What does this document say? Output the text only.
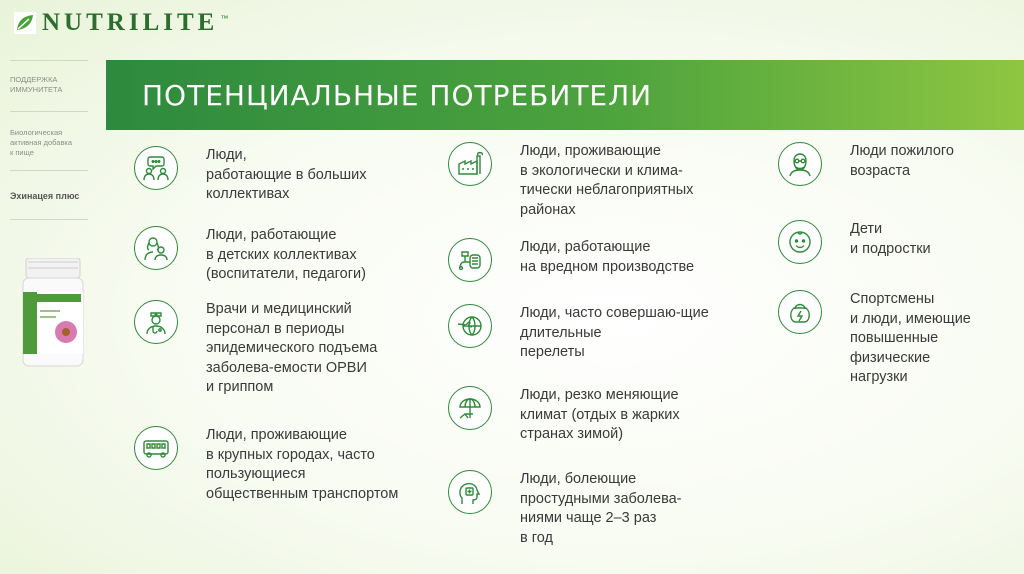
NUTRILITE ™
ПОДДЕРЖКА
ИММУНИТЕТА
Биологическая
активная добавка
к пище
Эхинацея плюс
ПОТЕНЦИАЛЬНЫЕ ПОТРЕБИТЕЛИ
Люди,
работающие в больших
коллективах
Люди, работающие
в детских коллективах
(воспитатели, педагоги)
Врачи и медицинский
персонал в периоды
эпидемического подъема
заболева-емости ОРВИ
и гриппом
Люди, проживающие
в крупных городах, часто
пользующиеся
общественным транспортом
Люди, проживающие
в экологически и клима-
тически неблагоприятных
районах
Люди, работающие
на вредном производстве
Люди, часто совершаю-щие
длительные
перелеты
Люди, резко меняющие
климат (отдых в жарких
странах зимой)
Люди, болеющие
простудными заболева-
ниями чаще 2–3 раз
в год
Люди пожилого
возраста
Дети
и подростки
Спортсмены
и люди, имеющие
повышенные
физические
нагрузки
